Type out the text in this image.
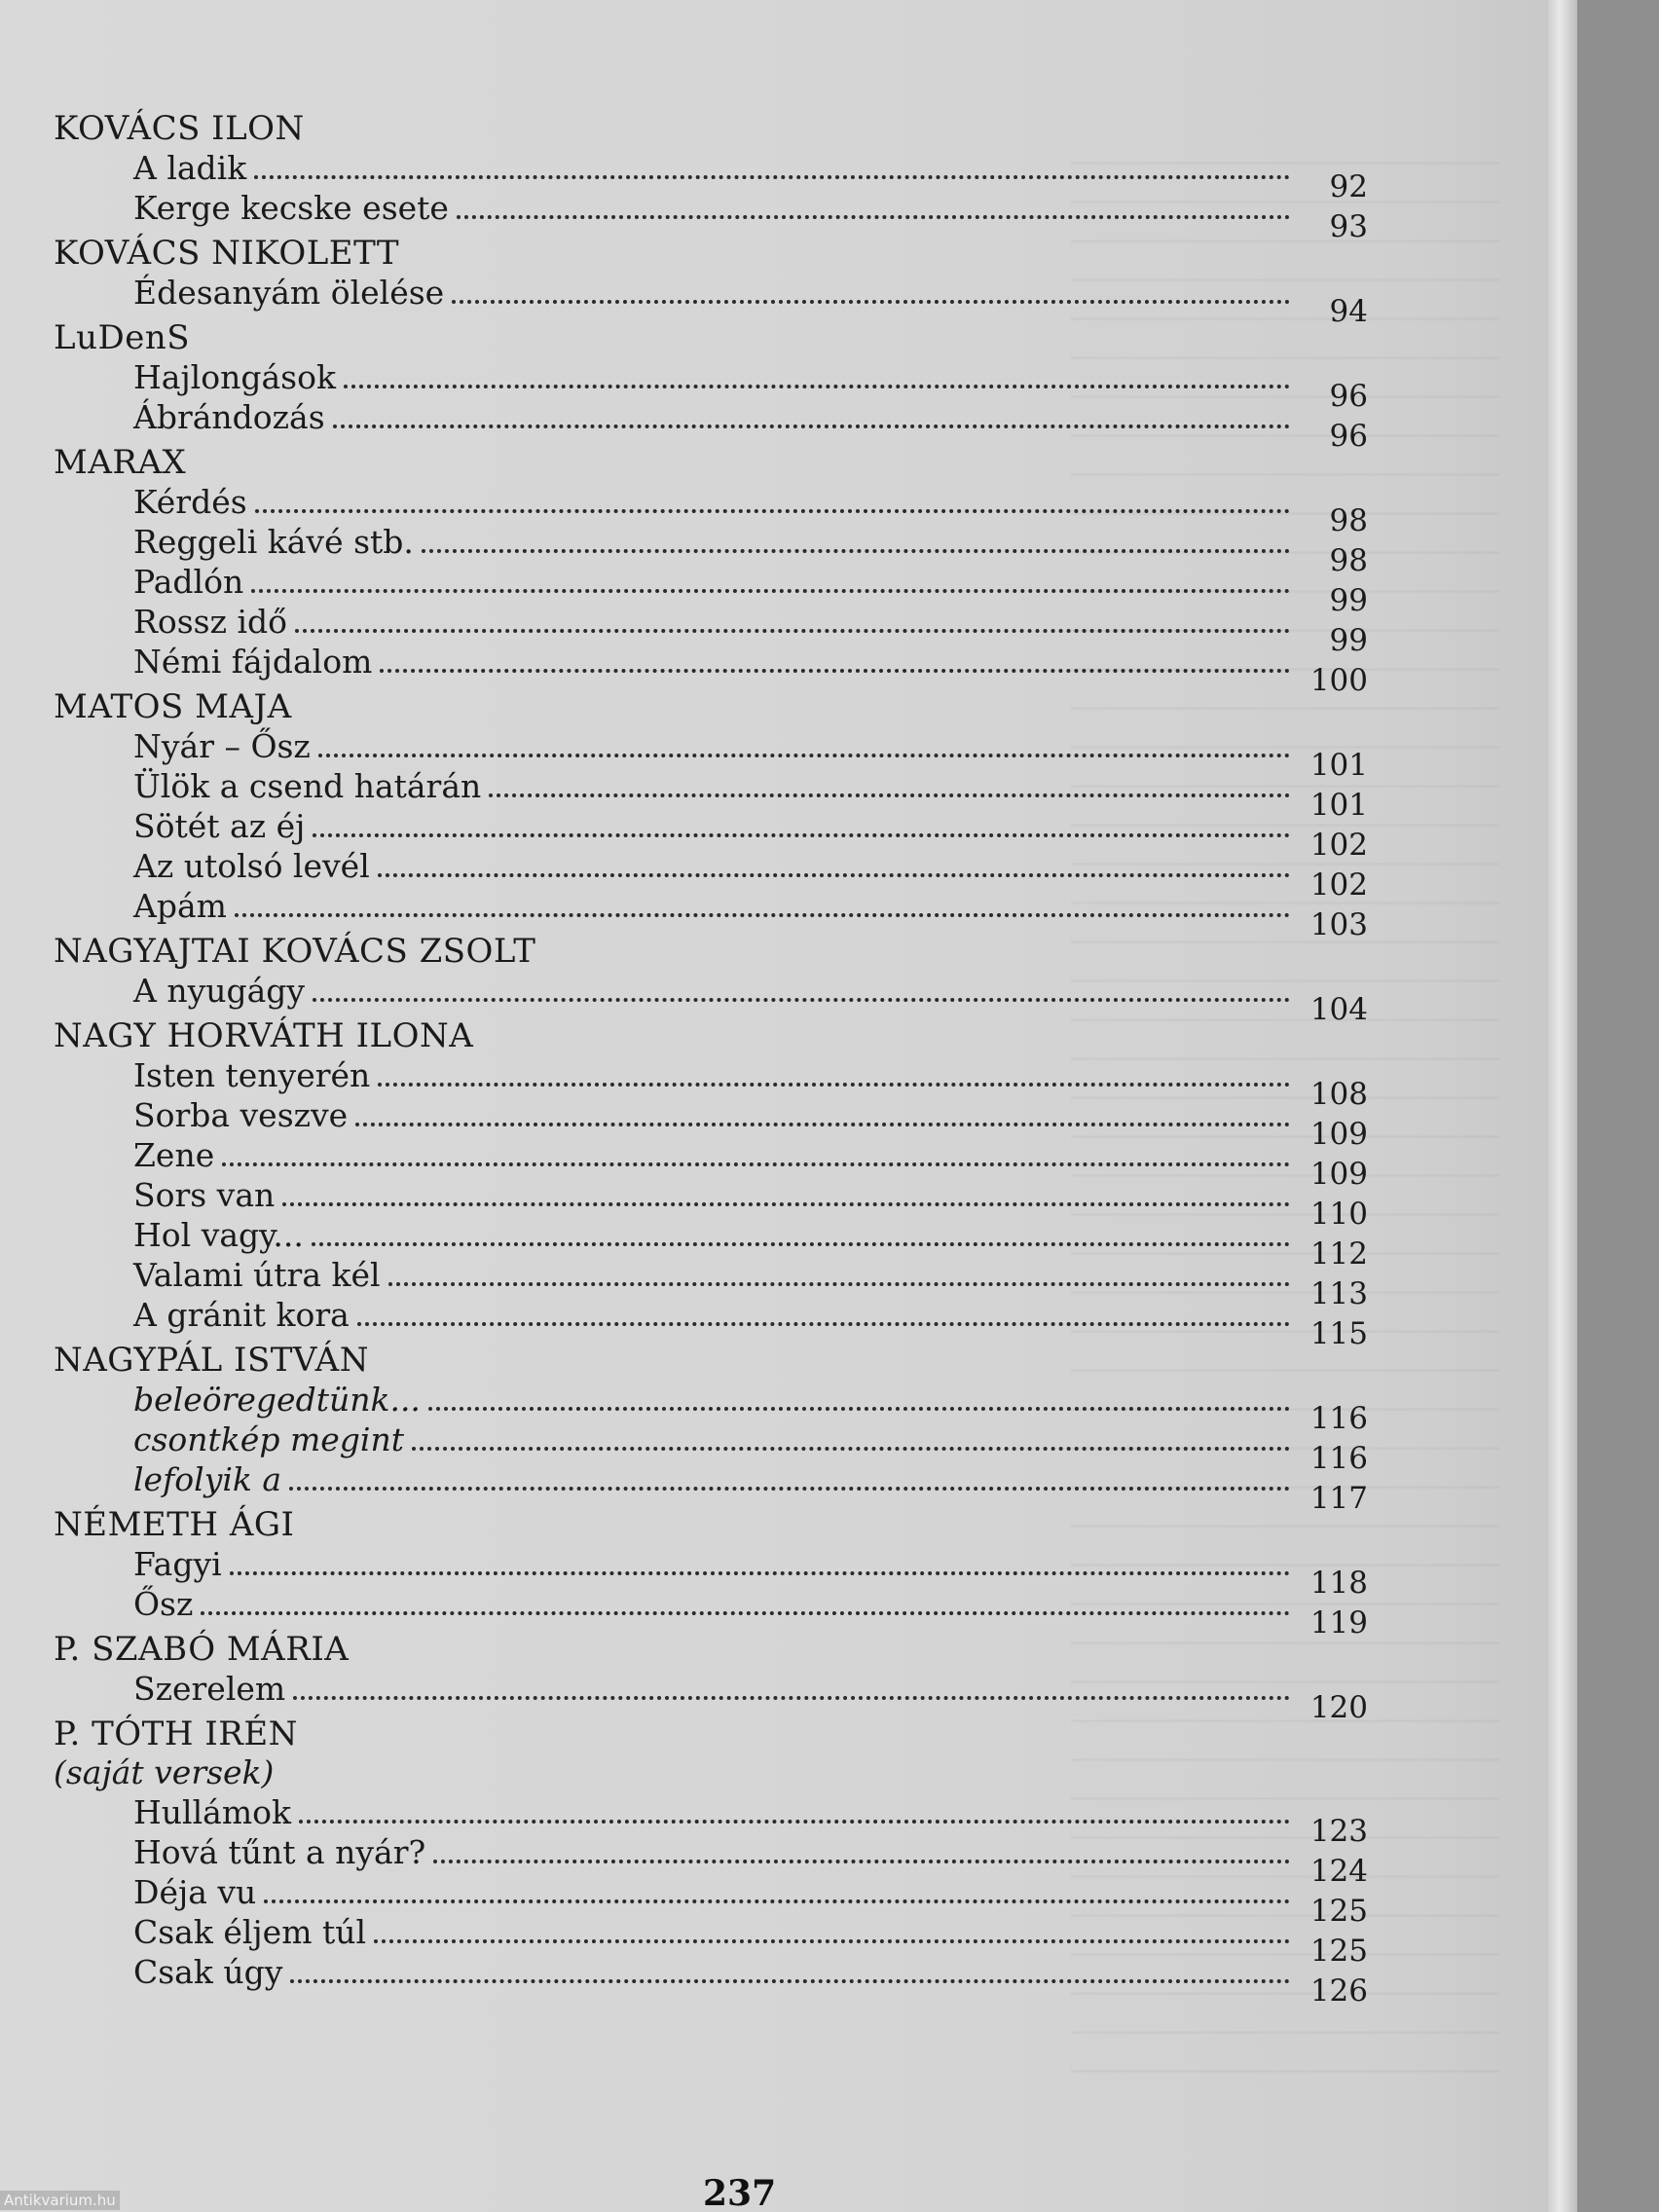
KOVÁCS ILON
A ladik	92
Kerge kecske esete	93
KOVÁCS NIKOLETT
Édesanyám ölelése	94
LuDenS
Hajlongások	96
Ábrándozás	96
MARAX
Kérdés	98
Reggeli kávé stb.	98
Padlón	99
Rossz idő	99
Némi fájdalom	100
MATOS MAJA
Nyár – Ősz	101
Ülök a csend határán	101
Sötét az éj	102
Az utolsó levél	102
Apám	103
NAGYAJTAI KOVÁCS ZSOLT
A nyugágy	104
NAGY HORVÁTH ILONA
Isten tenyerén	108
Sorba veszve	109
Zene	109
Sors van	110
Hol vagy...	112
Valami útra kél	113
A gránit kora	115
NAGYPÁL ISTVÁN
beleöregedtünk...	116
csontkép megint	116
lefolyik a	117
NÉMETH ÁGI
Fagyi	118
Ősz	119
P. SZABÓ MÁRIA
Szerelem	120
P. TÓTH IRÉN
(saját versek)
Hullámok	123
Hová tűnt a nyár?	124
Déja vu	125
Csak éljem túl	125
Csak úgy	126
237
Antikvarium.hu
